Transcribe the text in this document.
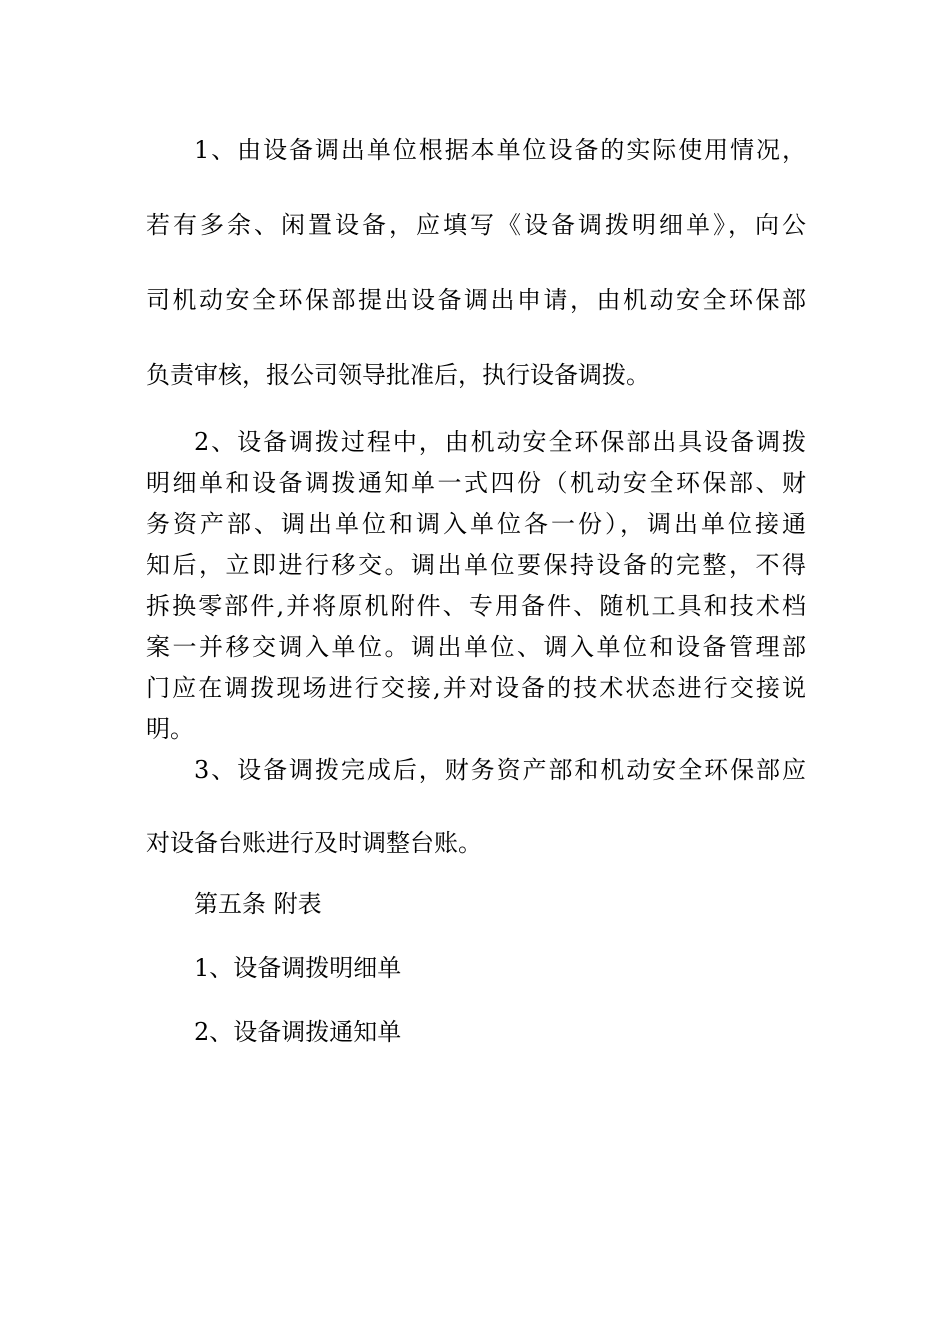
1、由设备调出单位根据本单位设备的实际使用情况，
若有多余、闲置设备，应填写《设备调拨明细单》，向公
司机动安全环保部提出设备调出申请，由机动安全环保部
负责审核，报公司领导批准后，执行设备调拨。
2、设备调拨过程中，由机动安全环保部出具设备调拨
明细单和设备调拨通知单一式四份（机动安全环保部、财
务资产部、调出单位和调入单位各一份），调出单位接通
知后，立即进行移交。调出单位要保持设备的完整，不得
拆换零部件,并将原机附件、专用备件、随机工具和技术档
案一并移交调入单位。调出单位、调入单位和设备管理部
门应在调拨现场进行交接,并对设备的技术状态进行交接说
明。
3、设备调拨完成后，财务资产部和机动安全环保部应
对设备台账进行及时调整台账。
第五条 附表
1、设备调拨明细单
2、设备调拨通知单
